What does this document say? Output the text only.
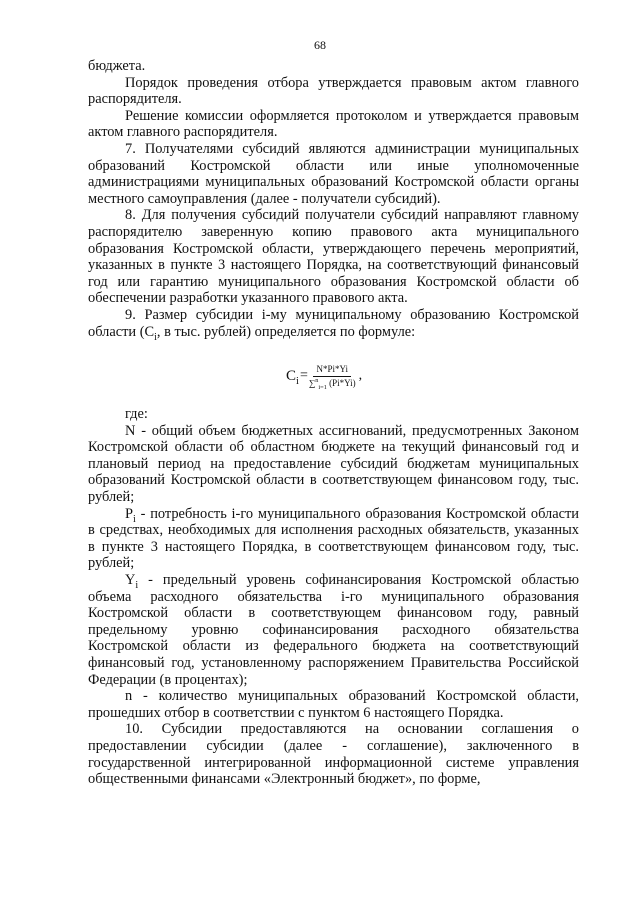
68

бюджета.

Порядок проведения отбора утверждается правовым актом главного распорядителя.

Решение комиссии оформляется протоколом и утверждается правовым актом главного распорядителя.

7. Получателями субсидий являются администрации муниципальных образований Костромской области или иные уполномоченные администрациями муниципальных образований Костромской области органы местного самоуправления (далее - получатели субсидий).

8. Для получения субсидий получатели субсидий направляют главному распорядителю заверенную копию правового акта муниципального образования Костромской области, утверждающего перечень мероприятий, указанных в пункте 3 настоящего Порядка, на соответствующий финансовый год или гарантию муниципального образования Костромской области об обеспечении разработки указанного правового акта.

9. Размер субсидии i-му муниципальному образованию Костромской области ($C_i$, в тыс. рублей) определяется по формуле:

$C_i = \frac{N*Pi*Yi}{\sum^n_{i=1} (Pi*Yi)}$ ,

где:

N - общий объем бюджетных ассигнований, предусмотренных Законом Костромской области об областном бюджете на текущий финансовый год и плановый период на предоставление субсидий бюджетам муниципальных образований Костромской области в соответствующем финансовом году, тыс. рублей;

$P_i$ - потребность i-го муниципального образования Костромской области в средствах, необходимых для исполнения расходных обязательств, указанных в пункте 3 настоящего Порядка, в соответствующем финансовом году, тыс. рублей;

$Y_i$ - предельный уровень софинансирования Костромской областью объема расходного обязательства i-го муниципального образования Костромской области в соответствующем финансовом году, равный предельному уровню софинансирования расходного обязательства Костромской области из федерального бюджета на соответствующий финансовый год, установленному распоряжением Правительства Российской Федерации (в процентах);

n - количество муниципальных образований Костромской области, прошедших отбор в соответствии с пунктом 6 настоящего Порядка.

10. Субсидии предоставляются на основании соглашения о предоставлении субсидии (далее - соглашение), заключенного в государственной интегрированной информационной системе управления общественными финансами «Электронный бюджет», по форме,
